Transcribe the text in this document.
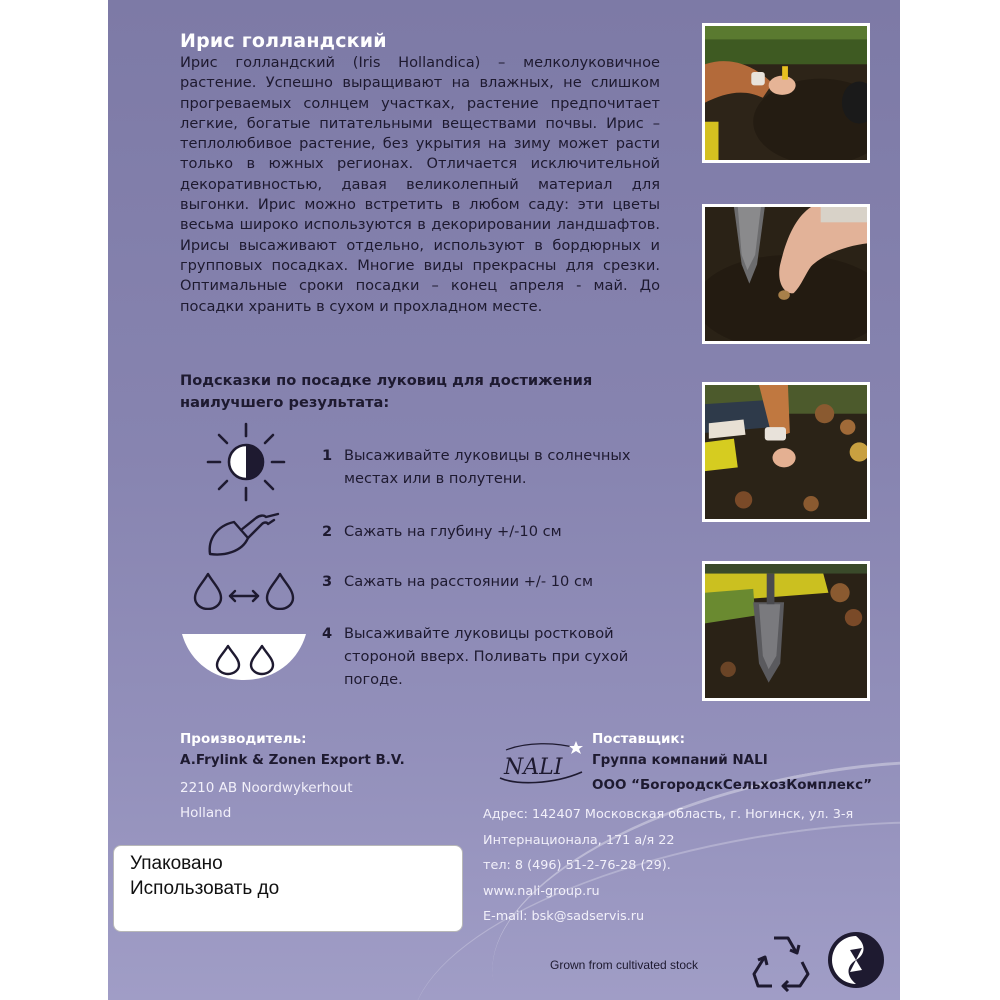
Ирис голландский
Ирис голландский (Iris Hollandica) – мелколуковичное растение. Успешно выращивают на влажных, не слишком прогреваемых солнцем участках, растение предпочитает легкие, богатые питательными веществами почвы. Ирис – теплолюбивое растение, без укрытия на зиму может расти только в южных регионах. Отличается исключительной декоративностью, давая великолепный материал для выгонки. Ирис можно встретить в любом саду: эти цветы весьма широко используются в декорировании ландшафтов. Ирисы высаживают отдельно, используют в бордюрных и групповых посадках. Многие виды прекрасны для срезки. Оптимальные сроки посадки – конец апреля - май. До посадки хранить в сухом и прохладном месте.
Подсказки по посадке луковиц для достижения наилучшего результата:
1 Высаживайте луковицы в солнечных местах или в полутени.
2 Сажать на глубину +/-10 см
3 Сажать на расстоянии +/- 10 см
4 Высаживайте луковицы ростковой стороной вверх. Поливать при сухой погоде.
Производитель:
A.Frylink & Zonen Export B.V.
2210 AB Noordwykerhout
Holland
NALI
Поставщик:
Группа компаний NALI
ООО “БогородскСельхозКомплекс”
Адрес: 142407 Московская область, г. Ногинск, ул. 3-я
Интернационала, 171 а/я 22
тел: 8 (496) 51-2-76-28 (29).
www.nali-group.ru
E-mail: bsk@sadservis.ru
Упаковано
Использовать до
Grown from cultivated stock
